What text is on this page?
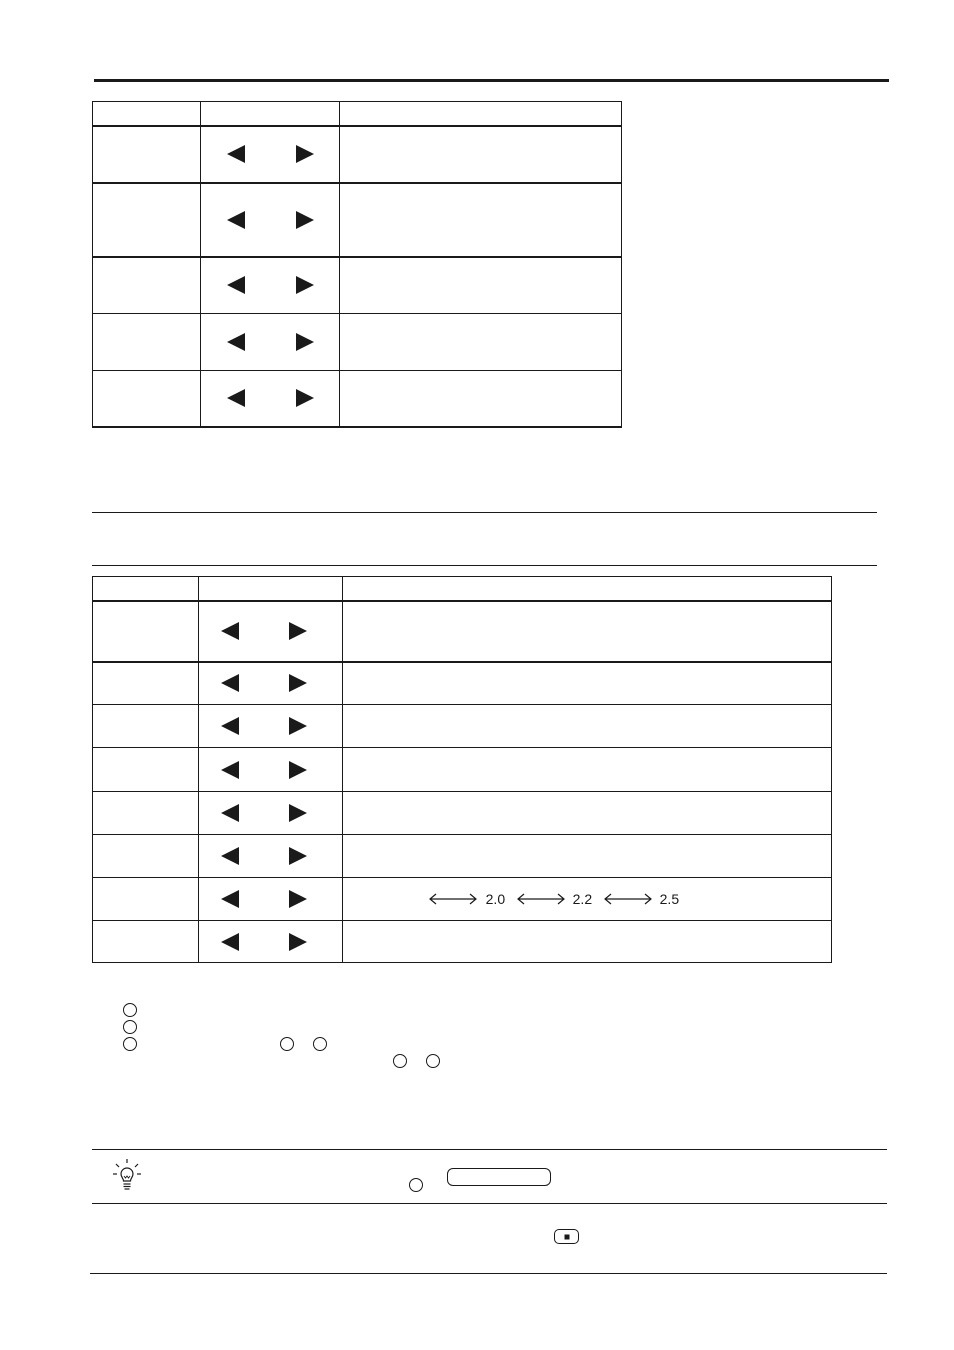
		2.0 2.2 2.5
